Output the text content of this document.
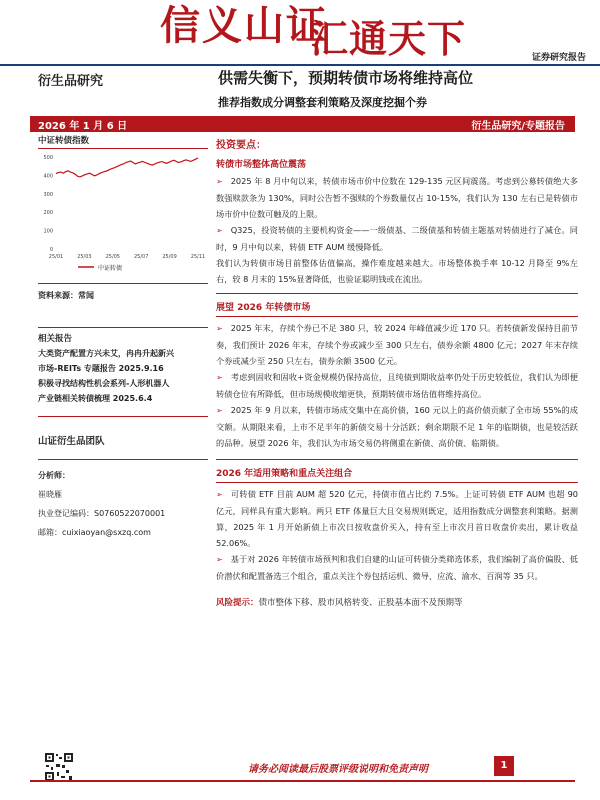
信义山证
汇通天下	证券研究报告
衍生品研究	供需失衡下，预期转债市场将维持高位
推荐指数成分调整套利策略及深度挖掘个券
2026 年 1 月 6 日	衍生品研究/专题报告
中证转债指数
0
100
200
300
400
500
25/01	25/03	25/05	25/07	25/09	25/11
中证转债
资料来源：常闻
相关报告
大类资产配置方兴未艾，冉冉升起新兴
市场-REITs 专题报告 2025.9.16
积极寻找结构性机会系列-人形机器人
产业链相关转债梳理 2025.6.4
山证衍生品团队
分析师：
崔晓雁
执业登记编码：S0760522070001
邮箱：cuixiaoyan@sxzq.com
投资要点：
转债市场整体高位震荡

➢ 2025 年 8 月中旬以来，转债市场市价中位数在 129-135 元区间震荡。考虑到公募转债绝大多数强赎款条为 130%，同时公告暂不强赎的个券数量仅占 10-15%，我们认为 130 左右已是转债市场市价中位数可触及的上限。

➢ Q325，投资转债的主要机构资金——一级债基、二级债基和转债主题基对转债进行了减仓。同时，9 月中旬以来，转债 ETF AUM 缓慢降低。

我们认为转债市场目前整体估值偏高，操作难度越来越大。市场整体换手率 10-12 月降至 9%左右，较 8 月末的 15%显著降低，也验证聪明钱或在流出。

展望 2026 年转债市场

➢ 2025 年末，存续个券已不足 380 只，较 2024 年峰值减少近 170 只。若转债新发保持目前节奏，我们预计 2026 年末，存续个券或减少至 300 只左右，债券余额 4800 亿元；2027 年末存续个券或减少至 250 只左右，债券余额 3500 亿元。

➢ 考虑到固收和固收+资金规模仍保持高位，且纯债到期收益率仍处于历史较低位，我们认为即便转债仓位有所降低，但市场规模收缩更快，预期转债市场估值将维持高位。

➢ 2025 年 9 月以来，转债市场成交集中在高价债，160 元以上的高价债贡献了全市场 55%的成交额。从期限来看，上市不足半年的新债交易十分活跃；剩余期限不足 1 年的临期债，也是较活跃的品种。展望 2026 年，我们认为市场交易仍将侧重在新债、高价债、临期债。

2026 年适用策略和重点关注组合

➢ 可转债 ETF 目前 AUM 超 520 亿元，持债市值占比约 7.5%。上证可转债 ETF AUM 也超 90 亿元，同样具有重大影响。两只 ETF 体量巨大且交易规则既定，适用指数成分调整套利策略。据测算，2025 年 1 月开始新债上市次日按收盘价买入，持有至上市次月首日收盘价卖出，累计收益 52.06%。

➢ 基于对 2026 年转债市场预判和我们自建的山证可转债分类筛选体系，我们编制了高价偏股、低价潜伏和配置备选三个组合，重点关注个券包括运机、微导、应流、渝水、百润等 35 只。

风险提示：债市整体下移、股市风格转变、正股基本面不及预期等
请务必阅读最后股票评级说明和免责声明	1
